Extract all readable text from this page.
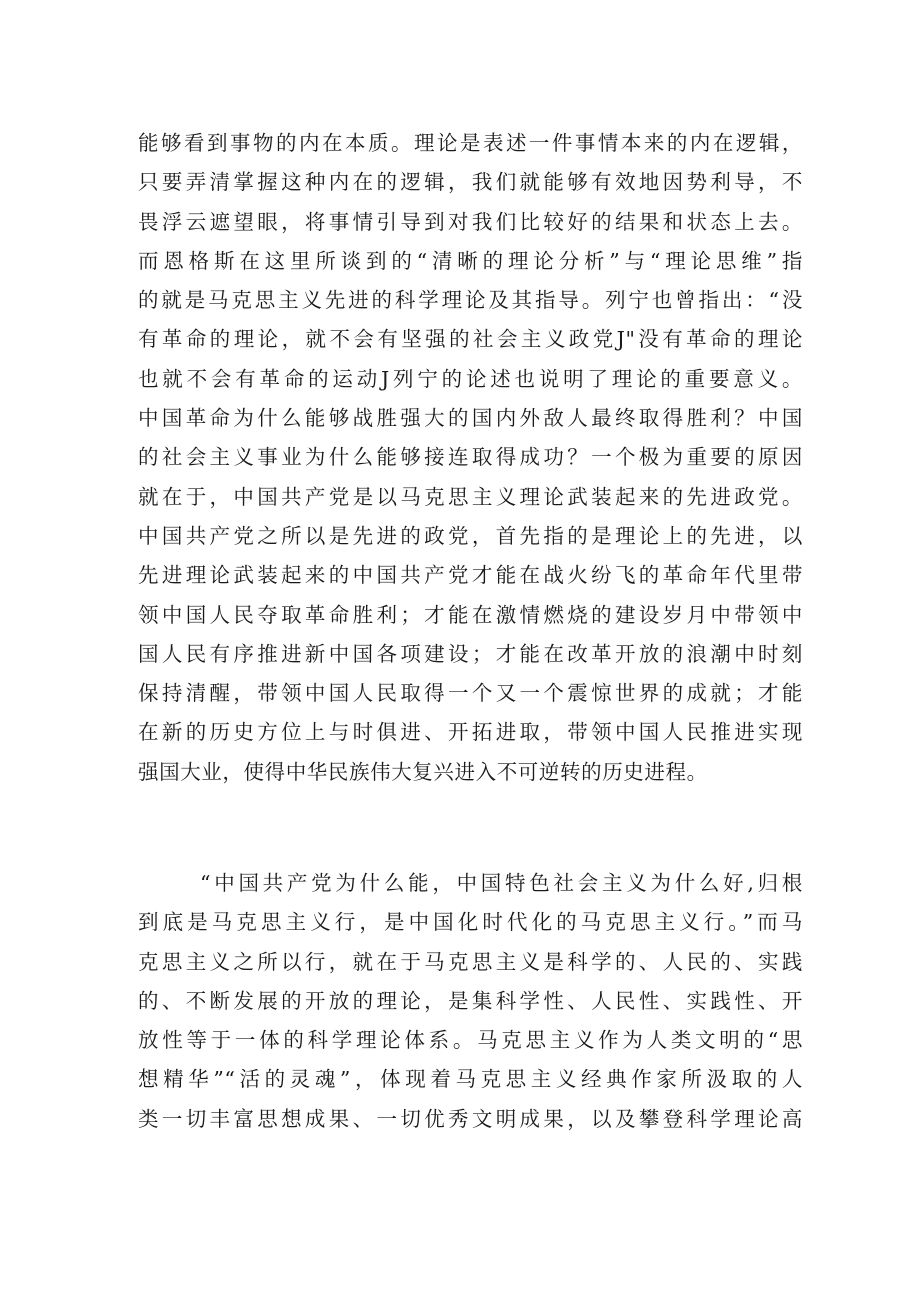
能够看到事物的内在本质。理论是表述一件事情本来的内在逻辑，
只要弄清掌握这种内在的逻辑，我们就能够有效地因势利导，不
畏浮云遮望眼，将事情引导到对我们比较好的结果和状态上去。
而恩格斯在这里所谈到的“清晰的理论分析”与“理论思维”指
的就是马克思主义先进的科学理论及其指导。列宁也曾指出：“没
有革命的理论，就不会有坚强的社会主义政党J"没有革命的理论
也就不会有革命的运动J列宁的论述也说明了理论的重要意义。
中国革命为什么能够战胜强大的国内外敌人最终取得胜利？中国
的社会主义事业为什么能够接连取得成功？一个极为重要的原因
就在于，中国共产党是以马克思主义理论武装起来的先进政党。
中国共产党之所以是先进的政党，首先指的是理论上的先进，以
先进理论武装起来的中国共产党才能在战火纷飞的革命年代里带
领中国人民夺取革命胜利；才能在激情燃烧的建设岁月中带领中
国人民有序推进新中国各项建设；才能在改革开放的浪潮中时刻
保持清醒，带领中国人民取得一个又一个震惊世界的成就；才能
在新的历史方位上与时俱进、开拓进取，带领中国人民推进实现
强国大业，使得中华民族伟大复兴进入不可逆转的历史进程。
“中国共产党为什么能，中国特色社会主义为什么好,归根
到底是马克思主义行，是中国化时代化的马克思主义行。”而马
克思主义之所以行，就在于马克思主义是科学的、人民的、实践
的、不断发展的开放的理论，是集科学性、人民性、实践性、开
放性等于一体的科学理论体系。马克思主义作为人类文明的“思
想精华”“活的灵魂”，体现着马克思主义经典作家所汲取的人
类一切丰富思想成果、一切优秀文明成果，以及攀登科学理论高
